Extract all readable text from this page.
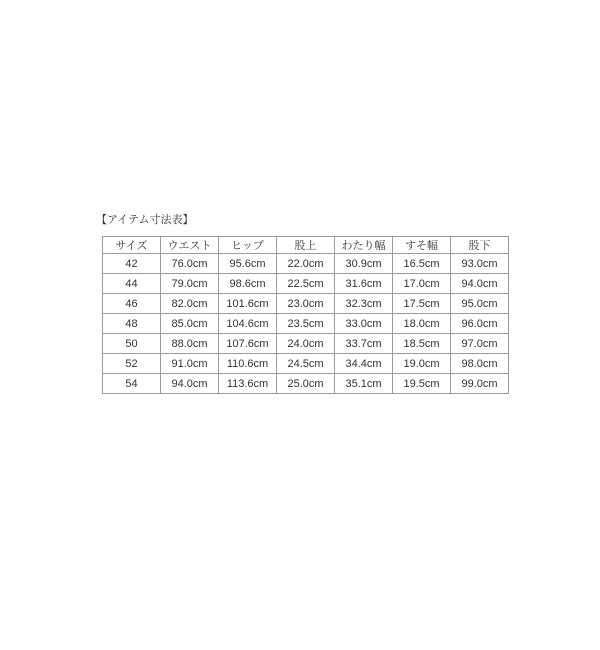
【アイテム寸法表】
サイズ	ウエスト	ヒップ	股上	わたり幅	すそ幅	股下
42	76.0cm	95.6cm	22.0cm	30.9cm	16.5cm	93.0cm
44	79.0cm	98.6cm	22.5cm	31.6cm	17.0cm	94.0cm
46	82.0cm	101.6cm	23.0cm	32.3cm	17.5cm	95.0cm
48	85.0cm	104.6cm	23.5cm	33.0cm	18.0cm	96.0cm
50	88.0cm	107.6cm	24.0cm	33.7cm	18.5cm	97.0cm
52	91.0cm	110.6cm	24.5cm	34.4cm	19.0cm	98.0cm
54	94.0cm	113.6cm	25.0cm	35.1cm	19.5cm	99.0cm
